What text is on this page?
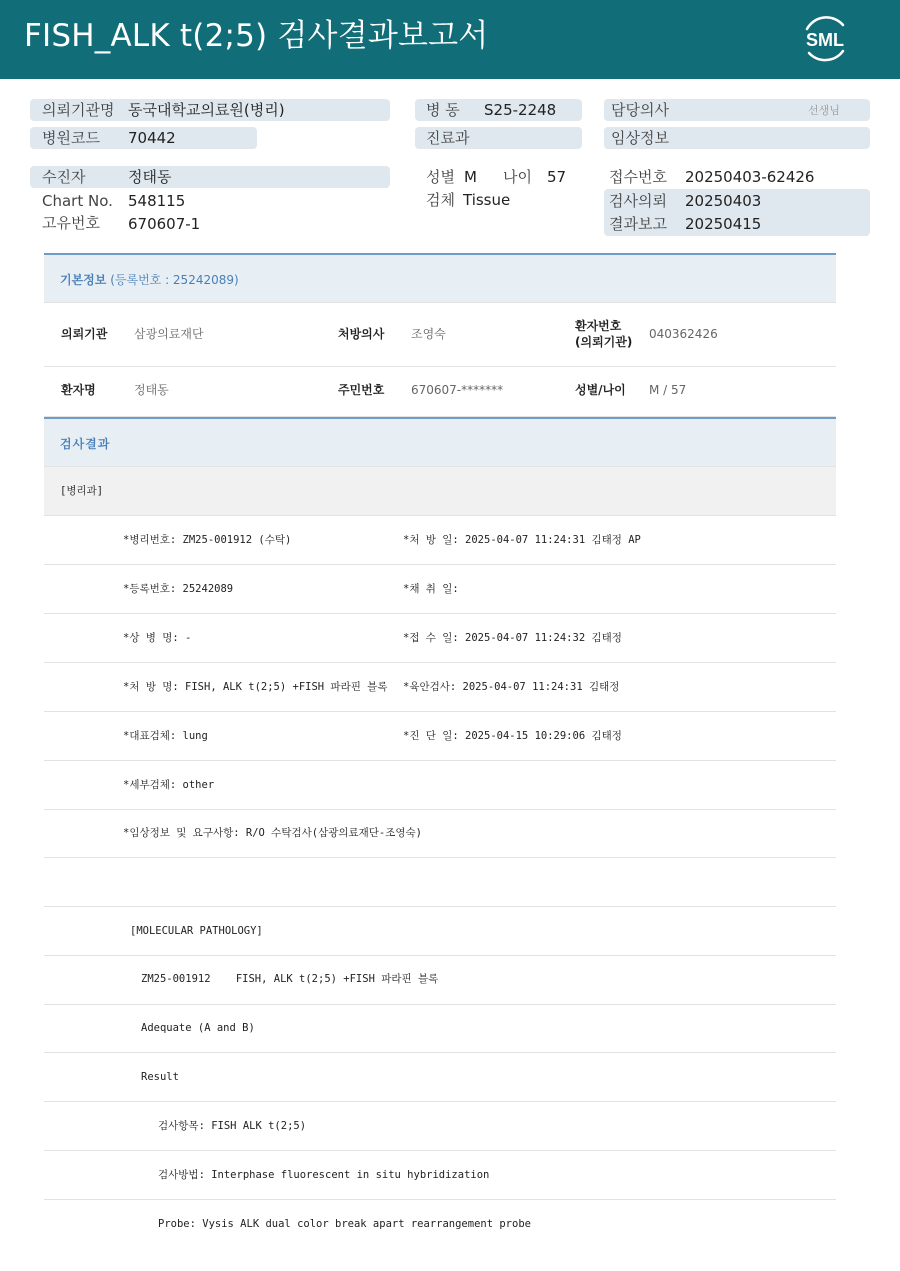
FISH_ALK t(2;5) 검사결과보고서	SML
의뢰기관명 동국대학교의료원(병리)
병원코드 70442
병 동 S25-2248
진료과
담당의사	선생님
임상정보
수진자	정태동
Chart No. 548115
고유번호 670607-1
성별 M 나이 57
검체 Tissue
접수번호 20250403-62426
검사의뢰 20250403
결과보고 20250415
기본정보 (등록번호 : 25242089)
의뢰기관 삼광의료재단	처방의사 조영숙
환자번호
(의뢰기관)
040362426
환자명	정태동	주민번호 670607-*******	성별/나이 M / 57
검사결과
[병리과]
*병리번호: ZM25-001912 (수탁)	*처 방 일: 2025-04-07 11:24:31 김태정 AP
*등록번호: 25242089	*채 취 일:
*상 병 명: -	*접 수 일: 2025-04-07 11:24:32 김태정
*처 방 명: FISH, ALK t(2;5) +FISH 파라핀 블록 *육안검사: 2025-04-07 11:24:31 김태정
*대표검체: lung	*진 단 일: 2025-04-15 10:29:06 김태정
*세부검체: other
*임상정보 및 요구사항: R/O 수탁검사(삼광의료재단-조영숙)
[MOLECULAR PATHOLOGY]
ZM25-001912    FISH, ALK t(2;5) +FISH 파라핀 블록
Adequate (A and B)
Result
검사항목: FISH ALK t(2;5)
검사방법: Interphase fluorescent in situ hybridization
Probe: Vysis ALK dual color break apart rearrangement probe
